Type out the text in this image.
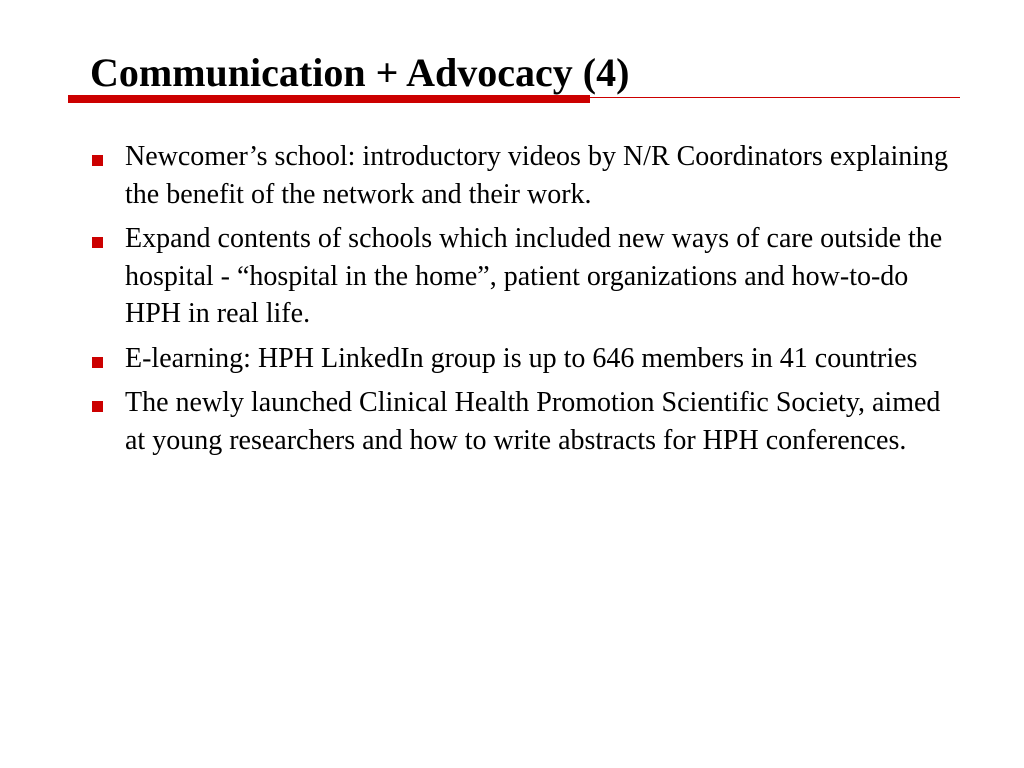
Communication + Advocacy (4)
Newcomer’s school: introductory videos by N/R Coordinators explaining the benefit of the network and their work.
Expand contents of schools which included new ways of care outside the hospital - “hospital in the home”, patient organizations and how-to-do HPH in real life.
E-learning: HPH LinkedIn group is up to 646 members in 41 countries
The newly launched Clinical Health Promotion Scientific Society, aimed at young researchers and how to write abstracts for HPH conferences.
